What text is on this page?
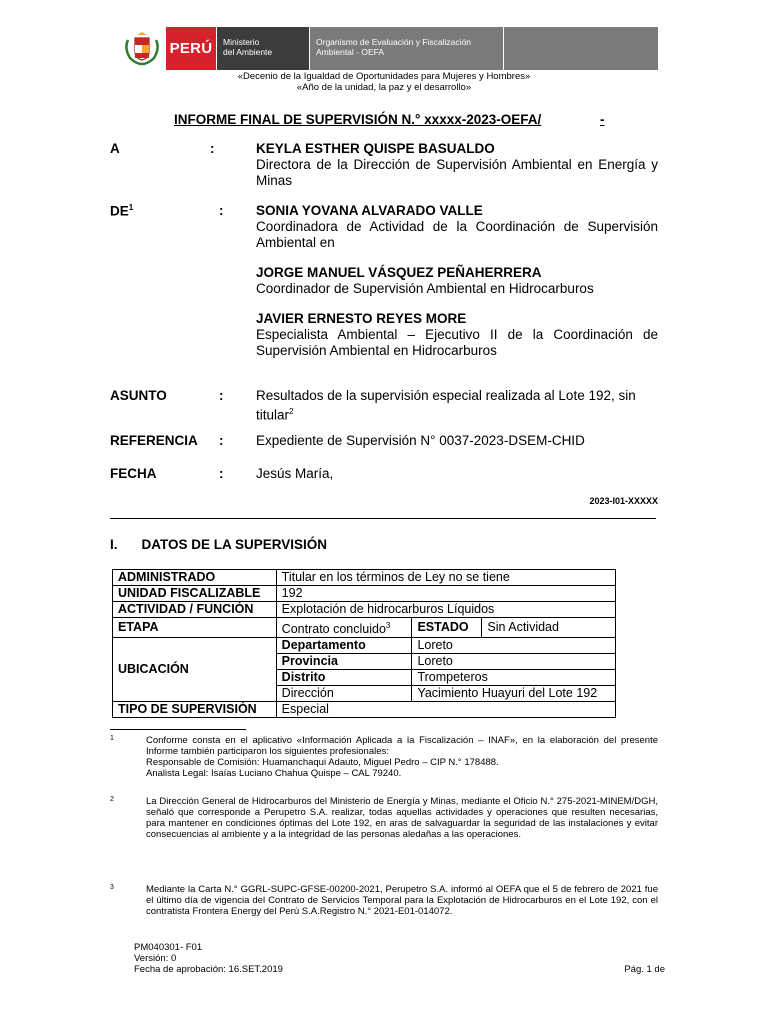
PERÚ Ministerio
del Ambiente
Organismo de Evaluación y Fiscalización
Ambiental - OEFA
«Decenio de la Igualdad de Oportunidades para Mujeres y Hombres»
«Año de la unidad, la paz y el desarrollo»
INFORME FINAL DE SUPERVISIÓN N.° xxxxx-2023-OEFA/	-
A	:	KEYLA ESTHER QUISPE BASUALDO
Directora de la Dirección de Supervisión Ambiental en Energía y Minas
$DE^1$	: SONIA YOVANA ALVARADO VALLE
Coordinadora de Actividad de la Coordinación de Supervisión Ambiental en
JORGE MANUEL VÁSQUEZ PEÑAHERRERA
Coordinador de Supervisión Ambiental en Hidrocarburos
JAVIER ERNESTO REYES MORE
Especialista Ambiental – Ejecutivo II de la Coordinación de Supervisión Ambiental en Hidrocarburos
ASUNTO	: Resultados de la supervisión especial realizada al Lote 192, sin titular$^2$
REFERENCIA : Expediente de Supervisión N° 0037-2023-DSEM-CHID
FECHA	: Jesús María,
2023-I01-XXXXX
I. DATOS DE LA SUPERVISIÓN
ADMINISTRADO	Titular en los términos de Ley no se tiene		
UNIDAD FISCALIZABLE	192		
ACTIVIDAD / FUNCIÓN	Explotación de hidrocarburos Líquidos		
ETAPA	Contrato concluido$^3$	ESTADO	Sin Actividad
UBICACIÓN	Departamento	Loreto	
	Provincia	Loreto	
	Distrito	Trompeteros	
	Dirección	Yacimiento Huayuri del Lote 192	
TIPO DE SUPERVISIÓN	Especial		
1	Conforme consta en el aplicativo «Información Aplicada a la Fiscalización – INAF», en la elaboración del presente Informe también participaron los siguientes profesionales:
Responsable de Comisión: Huamanchaqui Adauto, Miguel Pedro – CIP N.° 178488.
Analista Legal: Isaías Luciano Chahua Quispe – CAL 79240.
2	La Dirección General de Hidrocarburos del Ministerio de Energía y Minas, mediante el Oficio N.° 275-2021-MINEM/DGH, señaló que corresponde a Perupetro S.A. realizar, todas aquellas actividades y operaciones que resulten necesarias, para mantener en condiciones óptimas del Lote 192, en aras de salvaguardar la seguridad de las instalaciones y evitar consecuencias al ambiente y a la integridad de las personas aledañas a las operaciones.
3	Mediante la Carta N.° GGRL-SUPC-GFSE-00200-2021, Perupetro S.A. informó al OEFA que el 5 de febrero de 2021 fue el último día de vigencia del Contrato de Servicios Temporal para la Explotación de Hidrocarburos en el Lote 192, con el contratista Frontera Energy del Perú S.A.Registro N.° 2021-E01-014072.
PM040301- F01
Versión: 0
Fecha de aprobación: 16.SET.2019	Pág. 1 de
